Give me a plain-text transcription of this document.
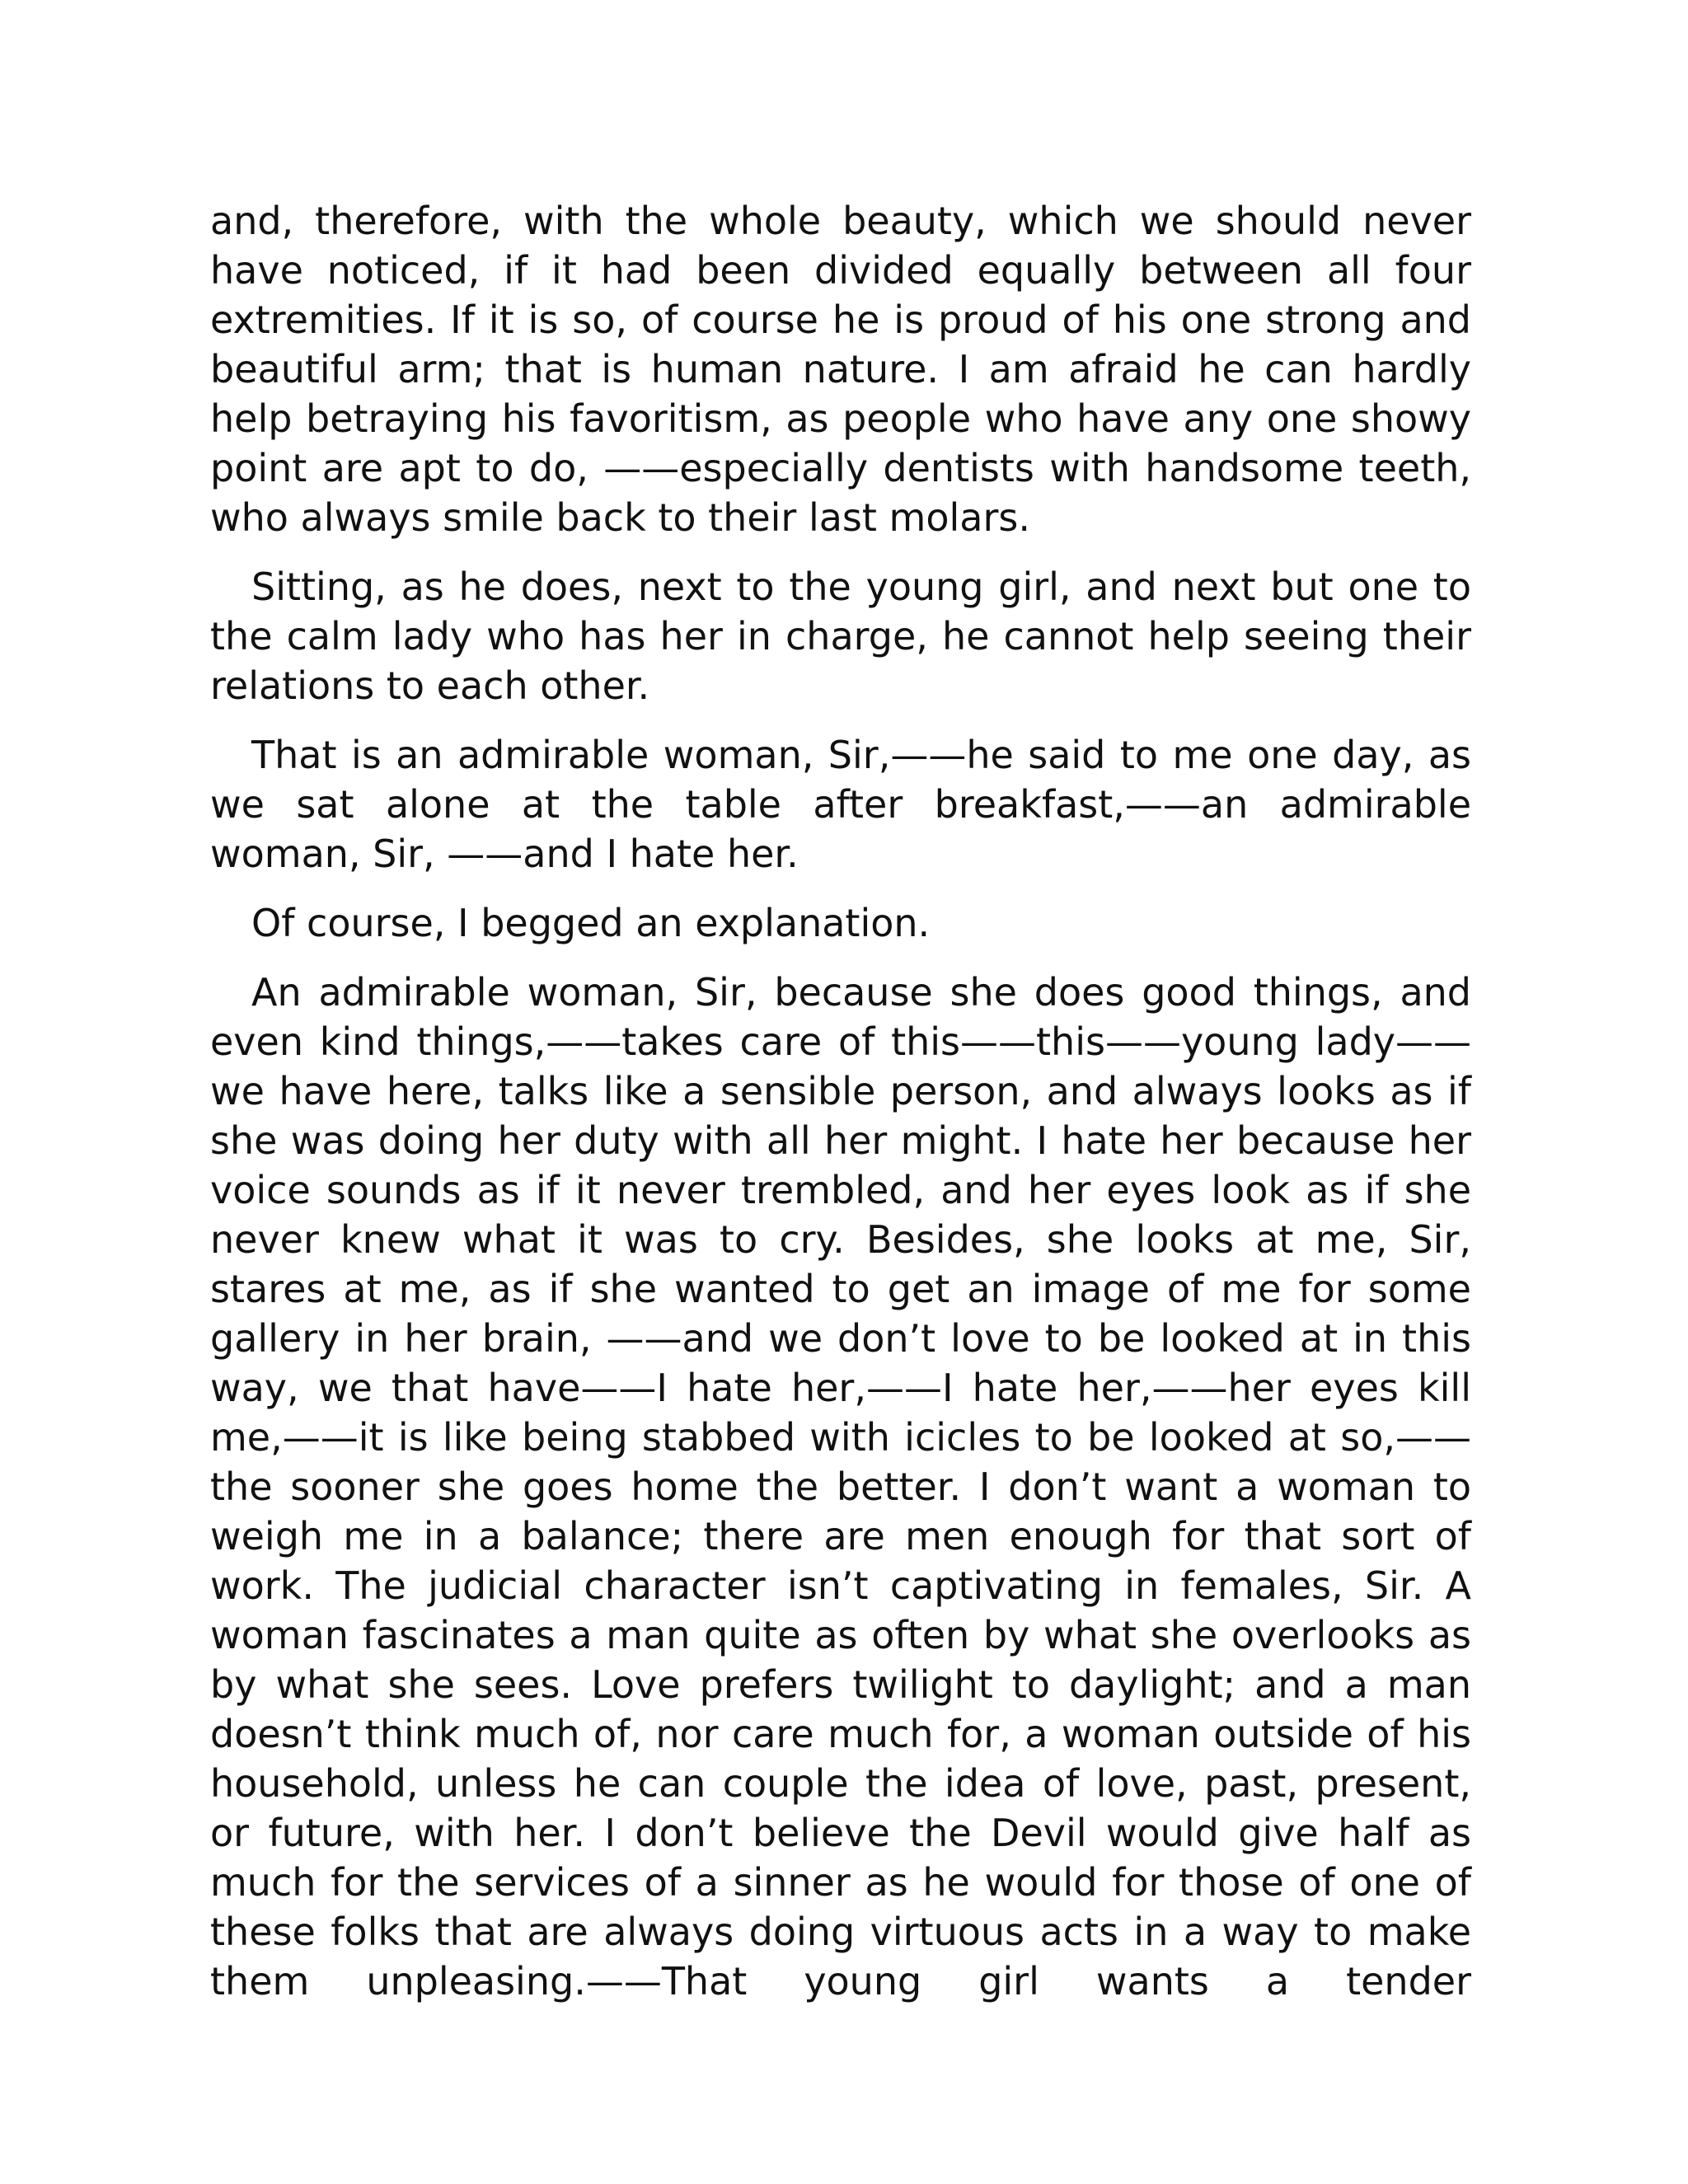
and, therefore, with the whole beauty, which we should never have noticed, if it had been divided equally between all four extremities. If it is so, of course he is proud of his one strong and beautiful arm; that is human nature. I am afraid he can hardly help betraying his favoritism, as people who have any one showy point are apt to do, ——especially dentists with handsome teeth, who always smile back to their last molars.

Sitting, as he does, next to the young girl, and next but one to the calm lady who has her in charge, he cannot help seeing their relations to each other.

That is an admirable woman, Sir,——he said to me one day, as we sat alone at the table after breakfast,——an admirable woman, Sir, ——and I hate her.

Of course, I begged an explanation.

An admirable woman, Sir, because she does good things, and even kind things,——takes care of this——this——young lady——we have here, talks like a sensible person, and always looks as if she was doing her duty with all her might. I hate her because her voice sounds as if it never trembled, and her eyes look as if she never knew what it was to cry. Besides, she looks at me, Sir, stares at me, as if she wanted to get an image of me for some gallery in her brain, ——and we don’t love to be looked at in this way, we that have——I hate her,——I hate her,——her eyes kill me,——it is like being stabbed with icicles to be looked at so,——the sooner she goes home the better. I don’t want a woman to weigh me in a balance; there are men enough for that sort of work. The judicial character isn’t captivating in females, Sir. A woman fascinates a man quite as often by what she overlooks as by what she sees. Love prefers twilight to daylight; and a man doesn’t think much of, nor care much for, a woman outside of his household, unless he can couple the idea of love, past, present, or future, with her. I don’t believe the Devil would give half as much for the services of a sinner as he would for those of one of these folks that are always doing virtuous acts in a way to make them unpleasing.——That young girl wants a tender
